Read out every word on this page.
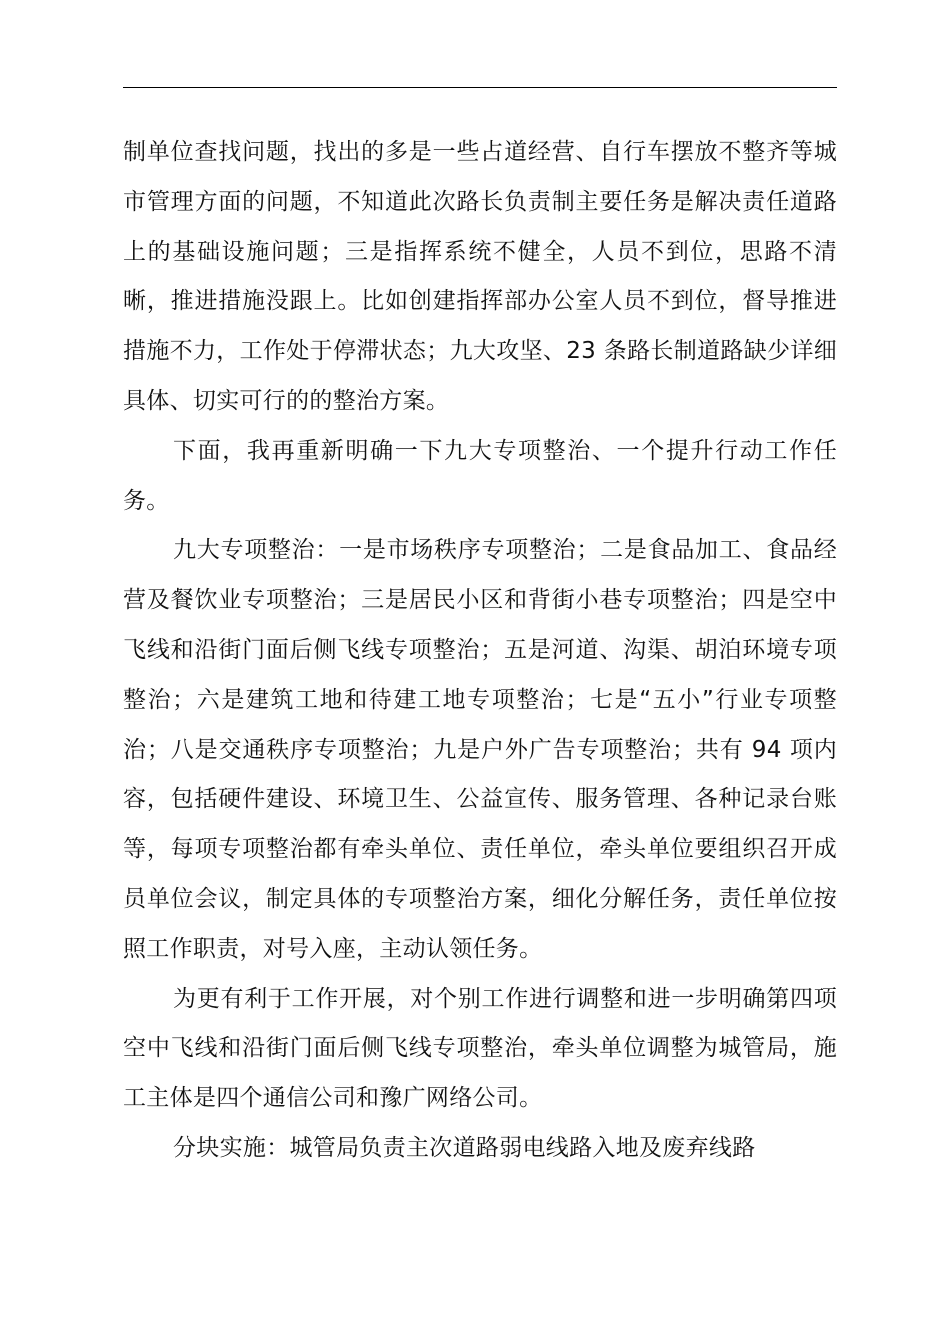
制单位查找问题，找出的多是一些占道经营、自行车摆放不整齐等城市管理方面的问题，不知道此次路长负责制主要任务是解决责任道路上的基础设施问题；三是指挥系统不健全，人员不到位，思路不清晰，推进措施没跟上。比如创建指挥部办公室人员不到位，督导推进措施不力，工作处于停滞状态；九大攻坚、23 条路长制道路缺少详细具体、切实可行的的整治方案。

下面，我再重新明确一下九大专项整治、一个提升行动工作任务。

九大专项整治：一是市场秩序专项整治；二是食品加工、食品经营及餐饮业专项整治；三是居民小区和背街小巷专项整治；四是空中飞线和沿街门面后侧飞线专项整治；五是河道、沟渠、胡泊环境专项整治；六是建筑工地和待建工地专项整治；七是“五小”行业专项整治；八是交通秩序专项整治；九是户外广告专项整治；共有 94 项内容，包括硬件建设、环境卫生、公益宣传、服务管理、各种记录台账等，每项专项整治都有牵头单位、责任单位，牵头单位要组织召开成员单位会议，制定具体的专项整治方案，细化分解任务，责任单位按照工作职责，对号入座，主动认领任务。

为更有利于工作开展，对个别工作进行调整和进一步明确第四项空中飞线和沿街门面后侧飞线专项整治，牵头单位调整为城管局，施工主体是四个通信公司和豫广网络公司。

分块实施：城管局负责主次道路弱电线路入地及废弃线路
